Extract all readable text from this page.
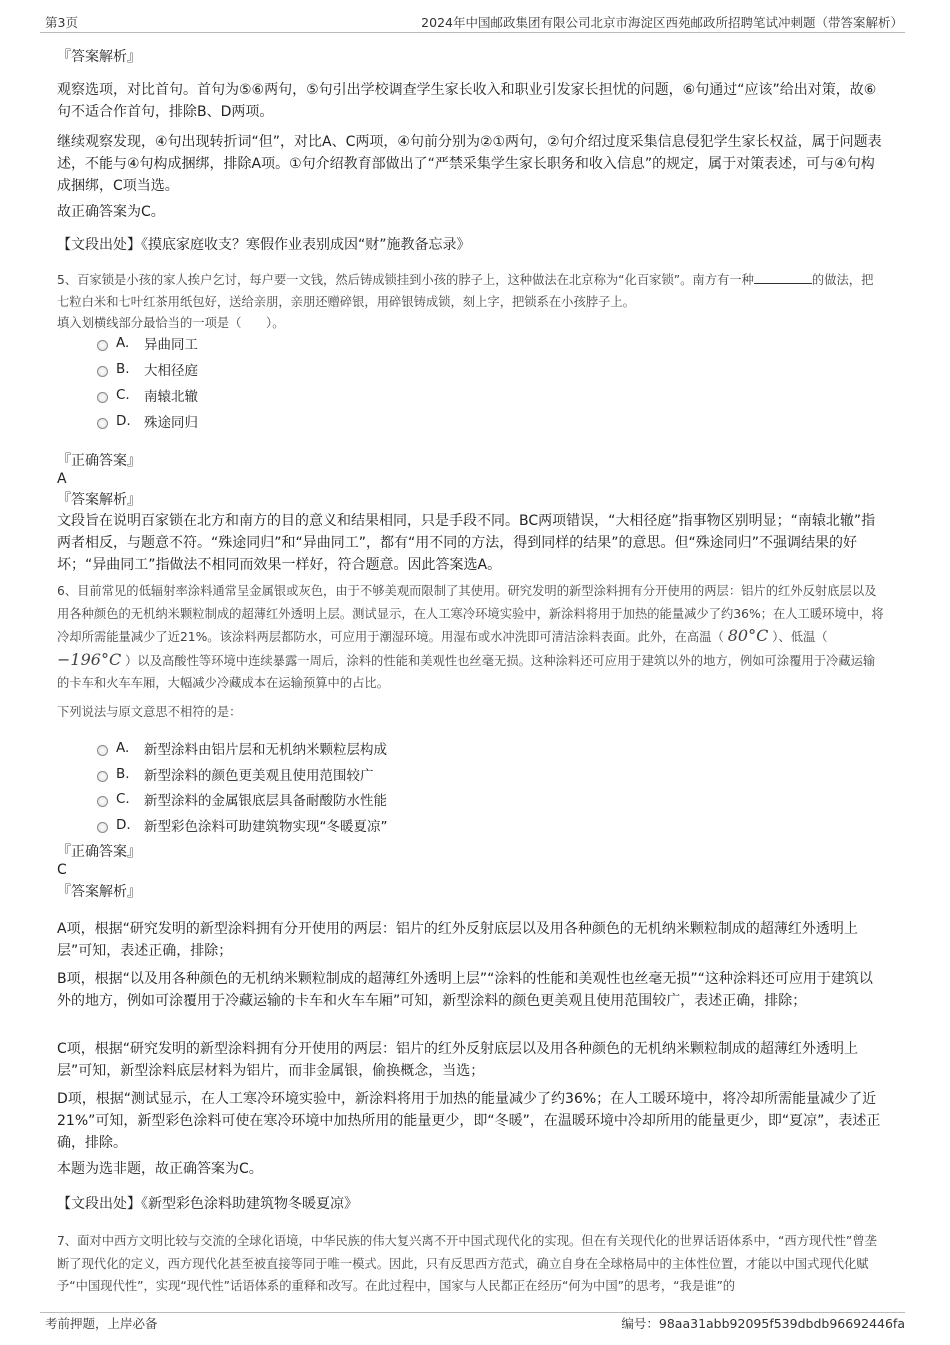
第3页	2024年中国邮政集团有限公司北京市海淀区西苑邮政所招聘笔试冲刺题（带答案解析）
『答案解析』
观察选项，对比首句。首句为⑤⑥两句，⑤句引出学校调查学生家长收入和职业引发家长担忧的问题，⑥句通过“应该”给出对策，故⑥句不适合作首句，排除B、D两项。
继续观察发现，④句出现转折词“但”，对比A、C两项，④句前分别为②①两句，②句介绍过度采集信息侵犯学生家长权益，属于问题表述，不能与④句构成捆绑，排除A项。①句介绍教育部做出了“严禁采集学生家长职务和收入信息”的规定，属于对策表述，可与④句构成捆绑，C项当选。
故正确答案为C。
【文段出处】《摸底家庭收支？寒假作业表别成因“财”施教备忘录》
5、百家锁是小孩的家人挨户乞讨，每户要一文钱，然后铸成锁挂到小孩的脖子上，这种做法在北京称为“化百家锁”。南方有一种	的做法，把七粒白米和七叶红茶用纸包好，送给亲朋，亲朋还赠碎银，用碎银铸成锁，刻上字，把锁系在小孩脖子上。
填入划横线部分最恰当的一项是（　　）。
A.	异曲同工
B.	大相径庭
C.	南辕北辙
D. 殊途同归
『正确答案』
A
『答案解析』
文段旨在说明百家锁在北方和南方的目的意义和结果相同，只是手段不同。BC两项错误，“大相径庭”指事物区别明显；“南辕北辙”指两者相反，与题意不符。“殊途同归”和“异曲同工”，都有“用不同的方法，得到同样的结果”的意思。但“殊途同归”不强调结果的好坏；“异曲同工”指做法不相同而效果一样好，符合题意。因此答案选A。
6、目前常见的低辐射率涂料通常呈金属银或灰色，由于不够美观而限制了其使用。研究发明的新型涂料拥有分开使用的两层：铝片的红外反射底层以及用各种颜色的无机纳米颗粒制成的超薄红外透明上层。测试显示，在人工寒冷环境实验中，新涂料将用于加热的能量减少了约36%；在人工暖环境中，将冷却所需能量减少了近21%。该涂料两层都防水，可应用于潮湿环境。用湿布或水冲洗即可清洁涂料表面。此外，在高温（ 80°C ）、低温（ −196°C ）以及高酸性等环境中连续暴露一周后，涂料的性能和美观性也丝毫无损。这种涂料还可应用于建筑以外的地方，例如可涂覆用于冷藏运输的卡车和火车车厢，大幅减少冷藏成本在运输预算中的占比。
下列说法与原文意思不相符的是：
A.	新型涂料由铝片层和无机纳米颗粒层构成
B.	新型涂料的颜色更美观且使用范围较广
C.	新型涂料的金属银底层具备耐酸防水性能
D. 新型彩色涂料可助建筑物实现“冬暖夏凉”
『正确答案』
C
『答案解析』
A项，根据“研究发明的新型涂料拥有分开使用的两层：铝片的红外反射底层以及用各种颜色的无机纳米颗粒制成的超薄红外透明上层”可知，表述正确，排除；
B项，根据“以及用各种颜色的无机纳米颗粒制成的超薄红外透明上层”“涂料的性能和美观性也丝毫无损”“这种涂料还可应用于建筑以外的地方，例如可涂覆用于冷藏运输的卡车和火车车厢”可知，新型涂料的颜色更美观且使用范围较广，表述正确，排除；
C项，根据“研究发明的新型涂料拥有分开使用的两层：铝片的红外反射底层以及用各种颜色的无机纳米颗粒制成的超薄红外透明上层”可知，新型涂料底层材料为铝片，而非金属银，偷换概念，当选；
D项，根据“测试显示，在人工寒冷环境实验中，新涂料将用于加热的能量减少了约36%；在人工暖环境中，将冷却所需能量减少了近21%”可知，新型彩色涂料可使在寒冷环境中加热所用的能量更少，即“冬暖”，在温暖环境中冷却所用的能量更少，即“夏凉”，表述正确，排除。
本题为选非题，故正确答案为C。
【文段出处】《新型彩色涂料助建筑物冬暖夏凉》
7、面对中西方文明比较与交流的全球化语境，中华民族的伟大复兴离不开中国式现代化的实现。但在有关现代化的世界话语体系中，“西方现代性”曾垄断了现代化的定义，西方现代化甚至被直接等同于唯一模式。因此，只有反思西方范式，确立自身在全球格局中的主体性位置，才能以中国式现代化赋予“中国现代性”，实现“现代性”话语体系的重释和改写。在此过程中，国家与人民都正在经历“何为中国”的思考，“我是谁”的
考前押题，上岸必备	编号：98aa31abb92095f539dbdb96692446fa
